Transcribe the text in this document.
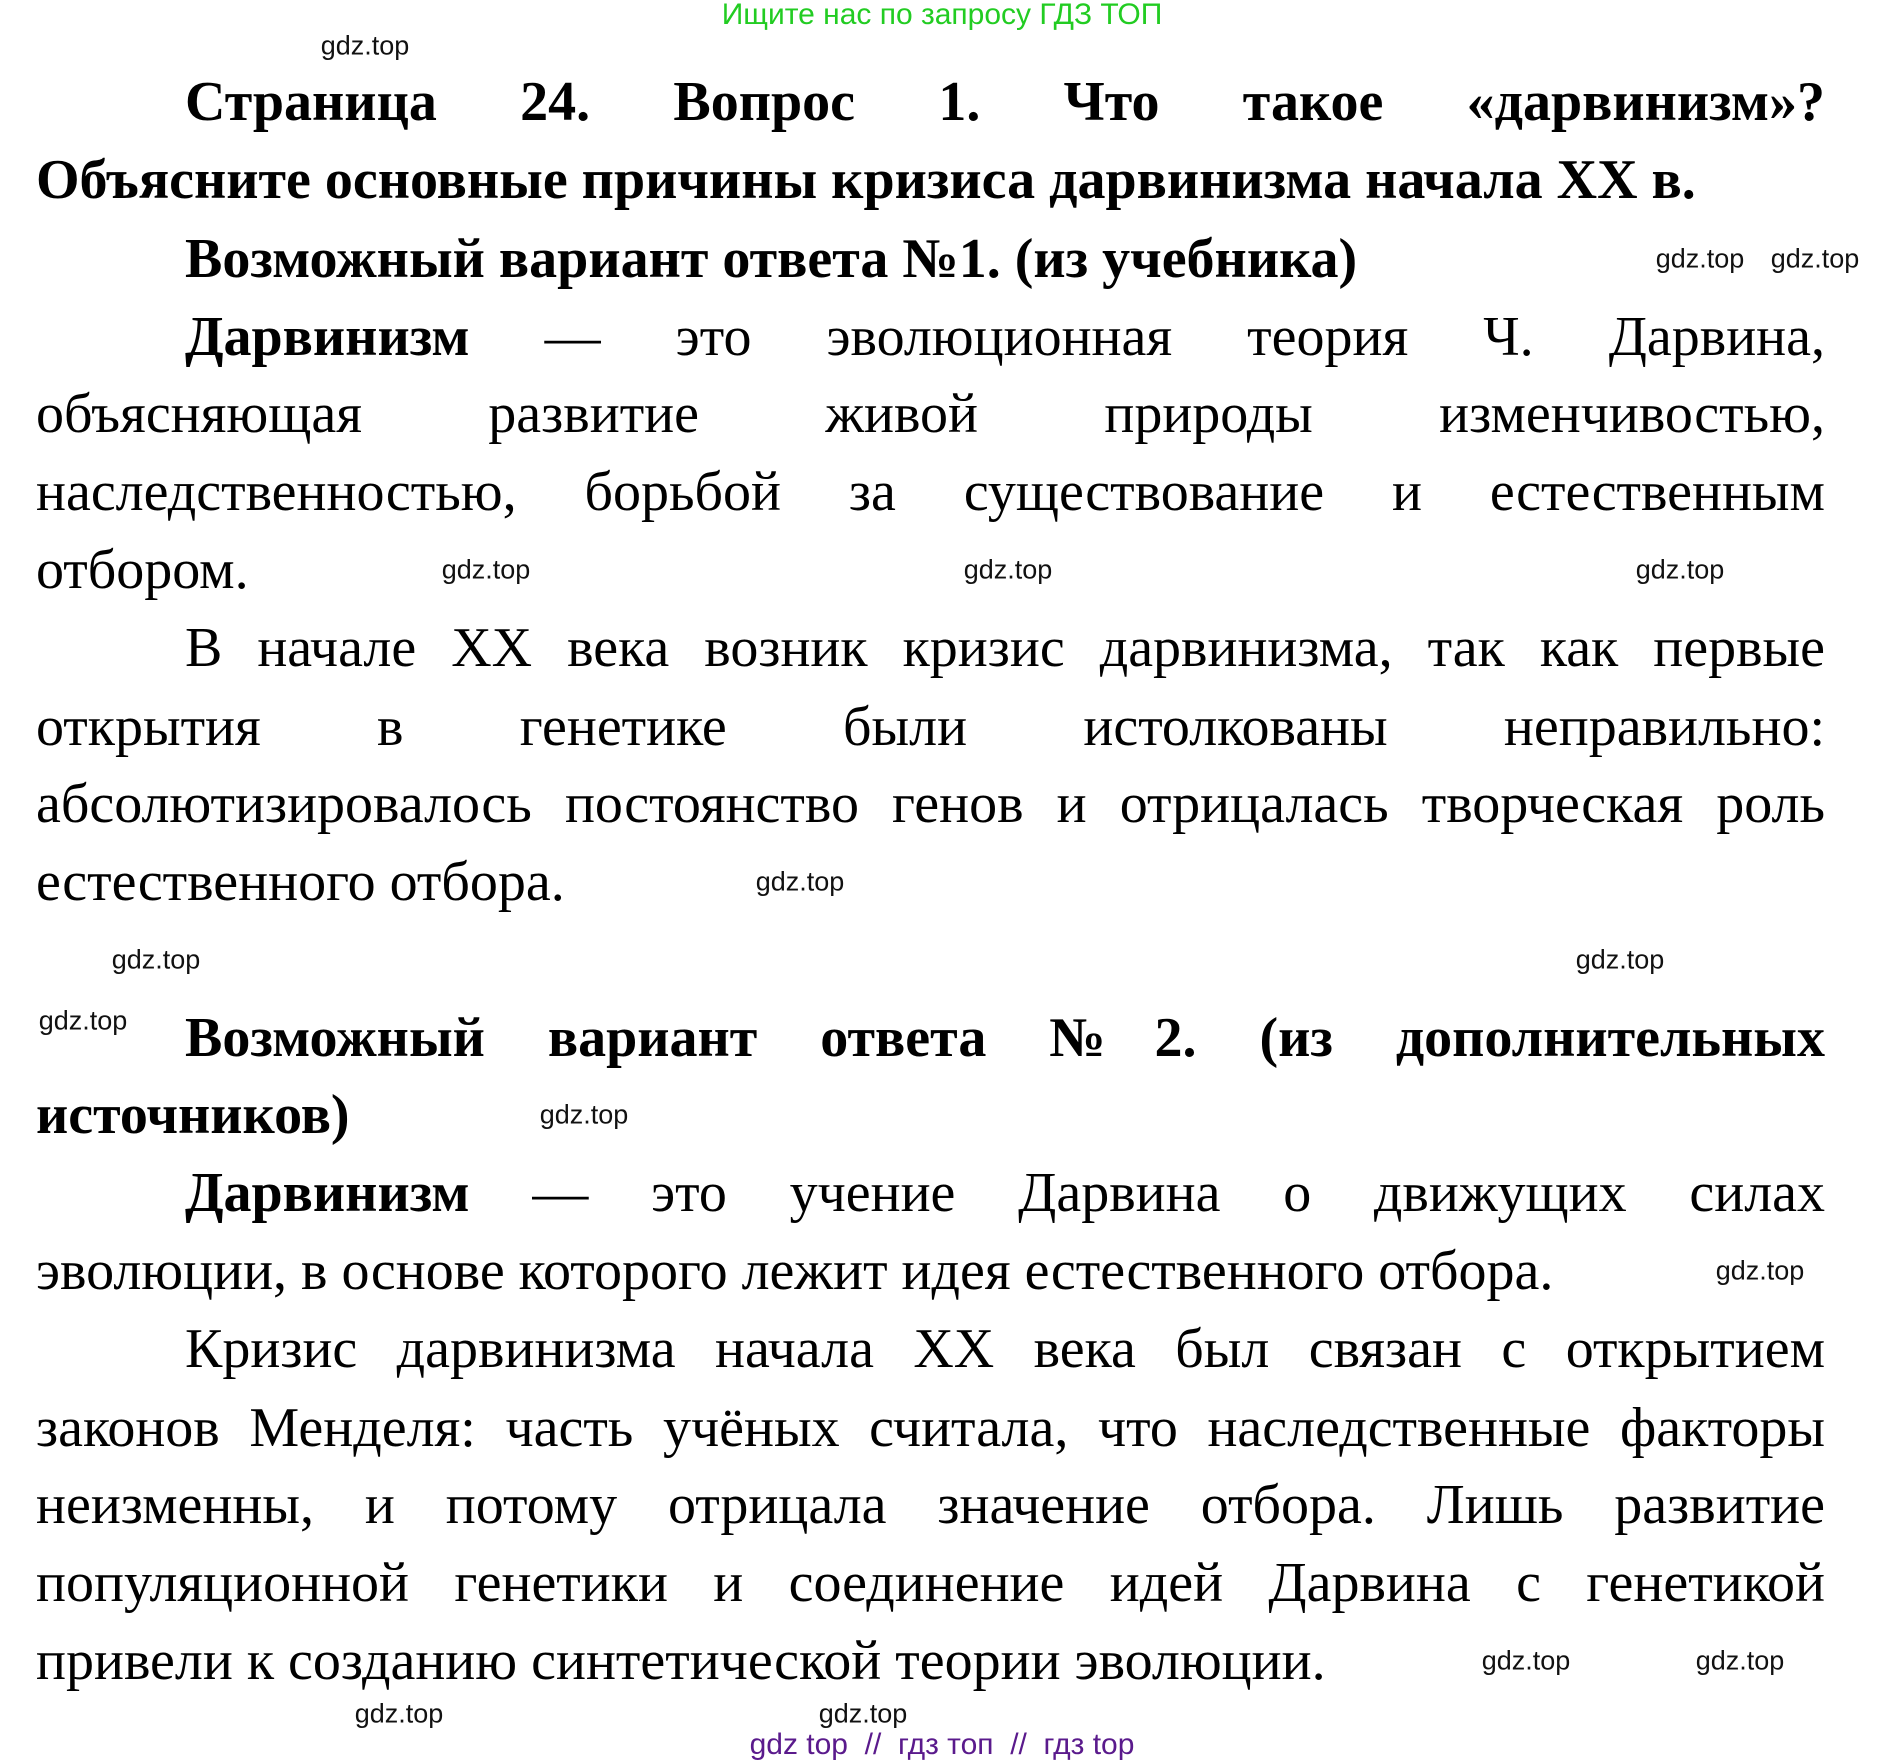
Ищите нас по запросу ГДЗ ТОП
Страница 24. Вопрос 1. Что такое «дарвинизм»?
Объясните основные причины кризиса дарвинизма начала XX в.
Возможный вариант ответа №1. (из учебника)
Дарвинизм — это эволюционная теория Ч. Дарвина,
объясняющая развитие живой природы изменчивостью,
наследственностью, борьбой за существование и естественным
отбором.
В начале XX века возник кризис дарвинизма, так как первые
открытия в генетике были истолкованы неправильно:
абсолютизировалось постоянство генов и отрицалась творческая роль
естественного отбора.
Возможный вариант ответа №2. (из дополнительных
источников)
Дарвинизм — это учение Дарвина о движущих силах
эволюции, в основе которого лежит идея естественного отбора.
Кризис дарвинизма начала XX века был связан с открытием
законов Менделя: часть учёных считала, что наследственные факторы
неизменны, и потому отрицала значение отбора. Лишь развитие
популяционной генетики и соединение идей Дарвина с генетикой
привели к созданию синтетической теории эволюции.
gdz.top
gdz.top gdz.top
gdz.top	gdz.top
gdz.top
gdz.top
gdz.top
gdz.top
gdz.top
gdz.top
gdz.top
gdz.top	gdz.top
gdz.top	gdz.top
gdz top  //  гдз топ  //  гдз top
